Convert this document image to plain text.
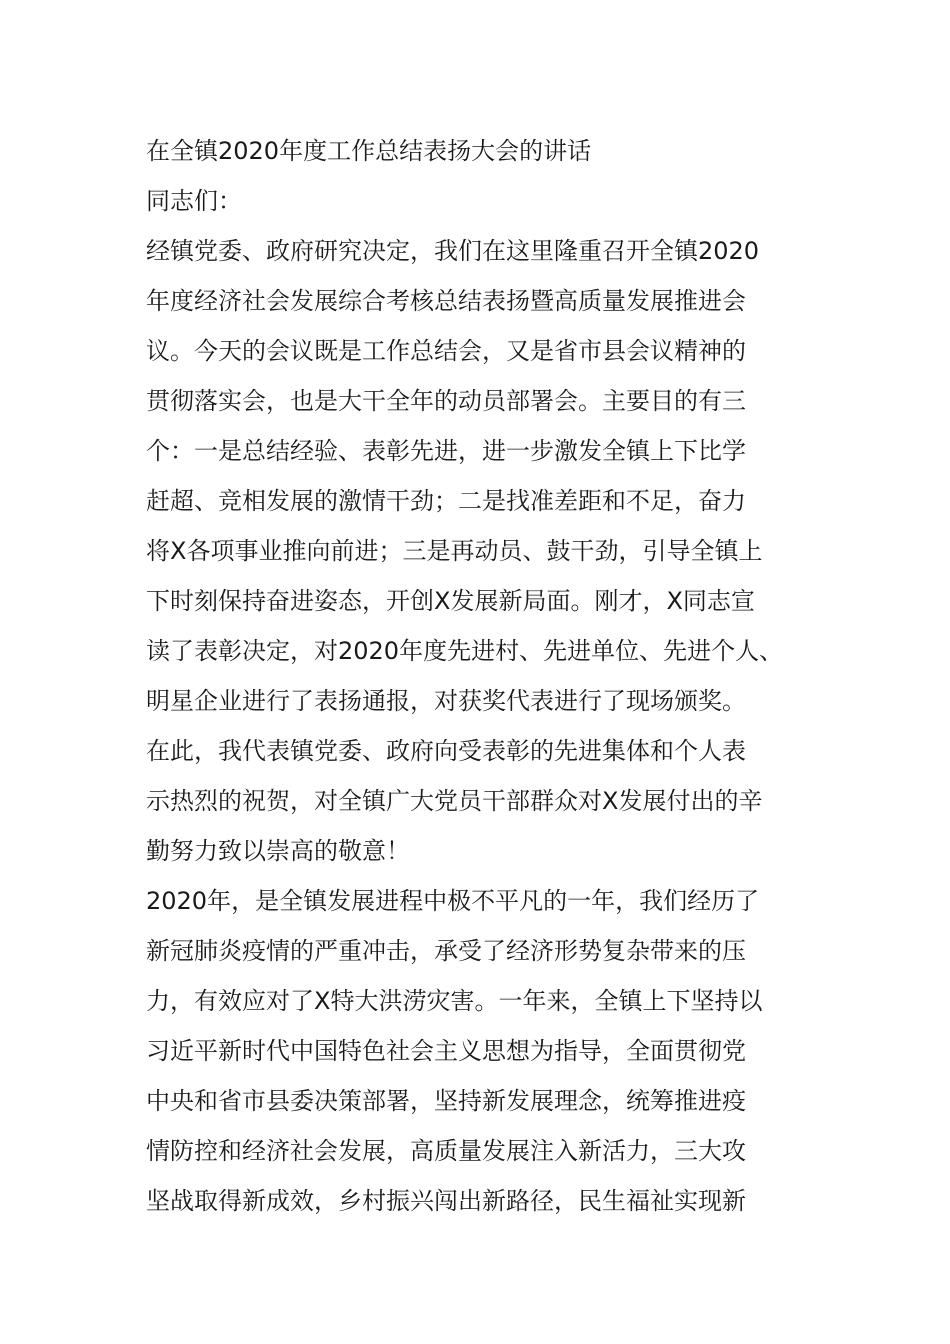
在全镇2020年度工作总结表扬大会的讲话
同志们：
经镇党委、政府研究决定，我们在这里隆重召开全镇2020
年度经济社会发展综合考核总结表扬暨高质量发展推进会
议。今天的会议既是工作总结会，又是省市县会议精神的
贯彻落实会，也是大干全年的动员部署会。主要目的有三
个：一是总结经验、表彰先进，进一步激发全镇上下比学
赶超、竞相发展的激情干劲；二是找准差距和不足，奋力
将X各项事业推向前进；三是再动员、鼓干劲，引导全镇上
下时刻保持奋进姿态，开创X发展新局面。刚才，X同志宣
读了表彰决定，对2020年度先进村、先进单位、先进个人、
明星企业进行了表扬通报，对获奖代表进行了现场颁奖。
在此，我代表镇党委、政府向受表彰的先进集体和个人表
示热烈的祝贺，对全镇广大党员干部群众对X发展付出的辛
勤努力致以崇高的敬意！
2020年，是全镇发展进程中极不平凡的一年，我们经历了
新冠肺炎疫情的严重冲击，承受了经济形势复杂带来的压
力，有效应对了X特大洪涝灾害。一年来，全镇上下坚持以
习近平新时代中国特色社会主义思想为指导，全面贯彻党
中央和省市县委决策部署，坚持新发展理念，统筹推进疫
情防控和经济社会发展，高质量发展注入新活力，三大攻
坚战取得新成效，乡村振兴闯出新路径，民生福祉实现新
